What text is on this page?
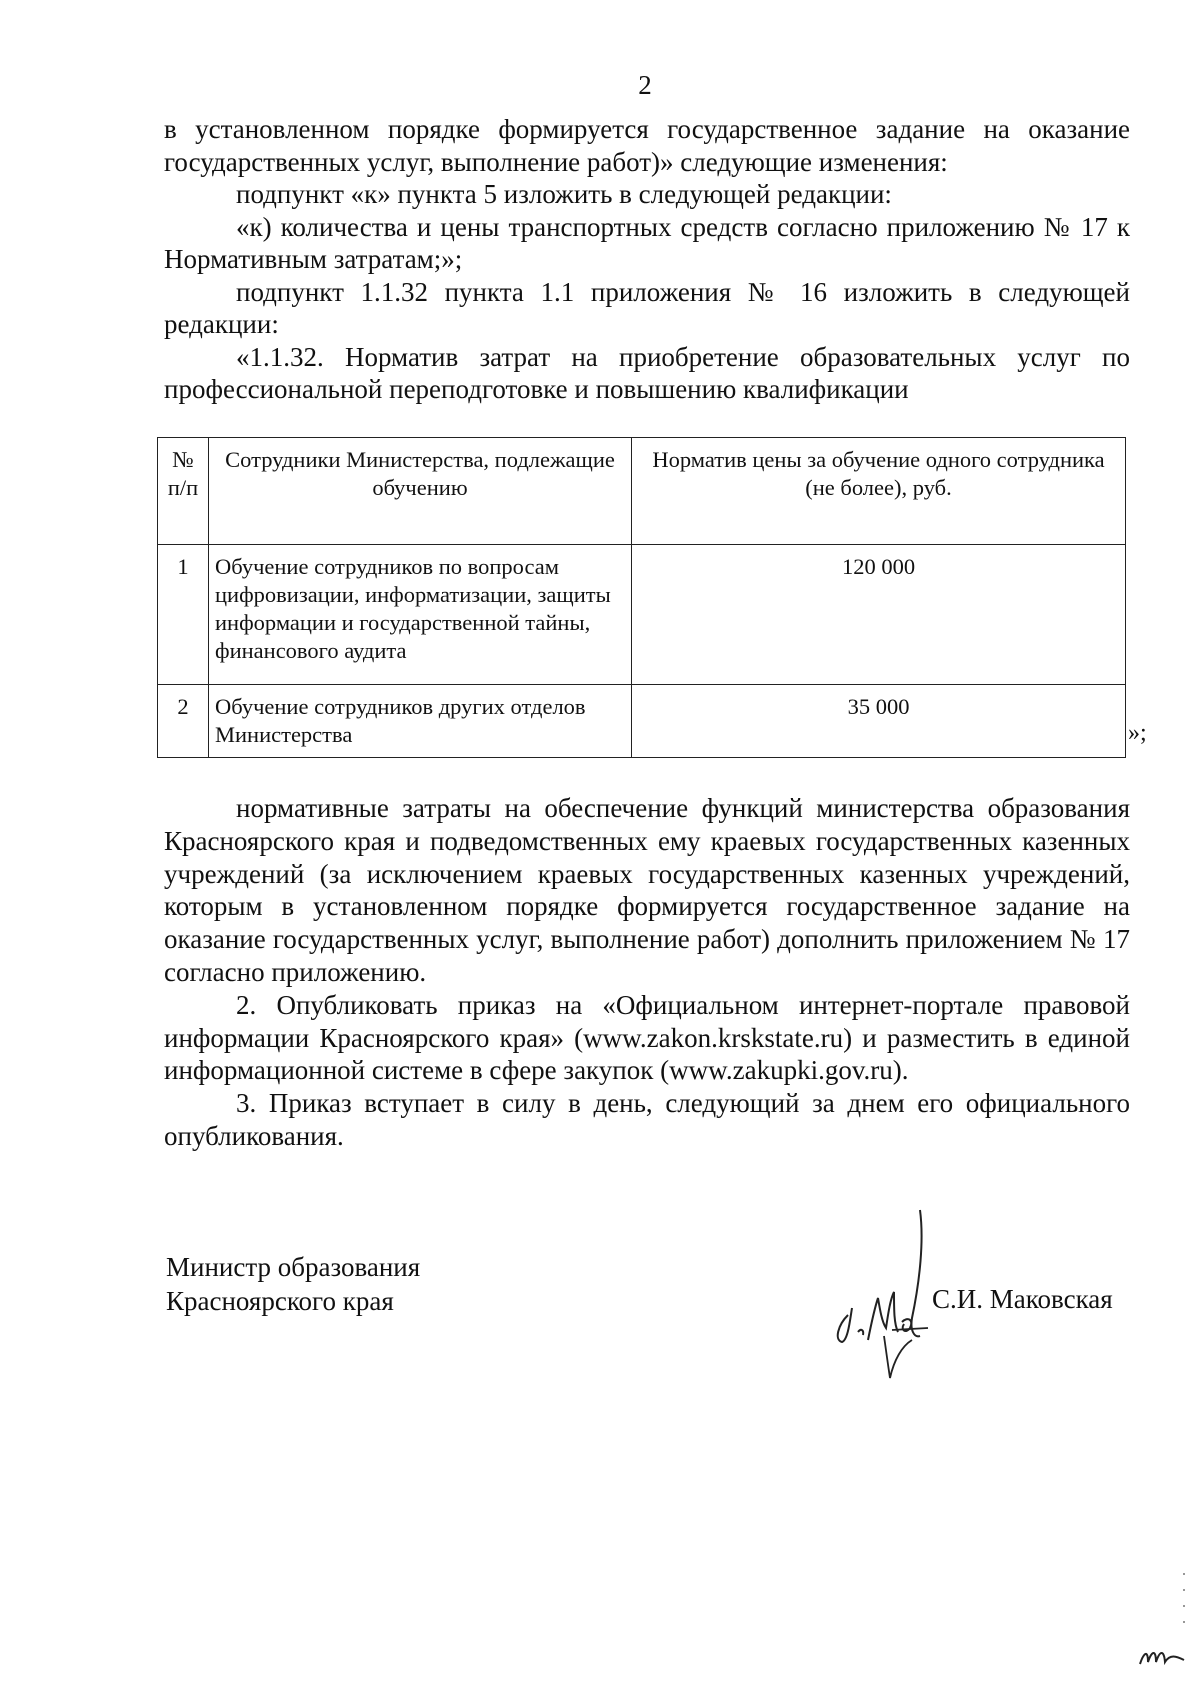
2

в установленном порядке формируется государственное задание на оказание государственных услуг, выполнение работ)» следующие изменения:

подпункт «к» пункта 5 изложить в следующей редакции:

«к) количества и цены транспортных средств согласно приложению № 17 к Нормативным затратам;»;

подпункт 1.1.32 пункта 1.1 приложения № 16 изложить в следующей редакции:

«1.1.32. Норматив затрат на приобретение образовательных услуг по профессиональной переподготовке и повышению квалификации

№ п/п	Сотрудники Министерства, подлежащие обучению	Норматив цены за обучение одного сотрудника (не более), руб.
1	Обучение сотрудников по вопросам цифровизации, информатизации, защиты информации и государственной тайны, финансового аудита	120 000
2	Обучение сотрудников других отделов Министерства	35 000
»;

нормативные затраты на обеспечение функций министерства образования Красноярского края и подведомственных ему краевых государственных казенных учреждений (за исключением краевых государственных казенных учреждений, которым в установленном порядке формируется государственное задание на оказание государственных услуг, выполнение работ) дополнить приложением № 17 согласно приложению.

2. Опубликовать приказ на «Официальном интернет-портале правовой информации Красноярского края» (www.zakon.krskstate.ru) и разместить в единой информационной системе в сфере закупок (www.zakupki.gov.ru).

3. Приказ вступает в силу в день, следующий за днем его официального опубликования.

Министр образования
Красноярского края	С.И. Маковская
